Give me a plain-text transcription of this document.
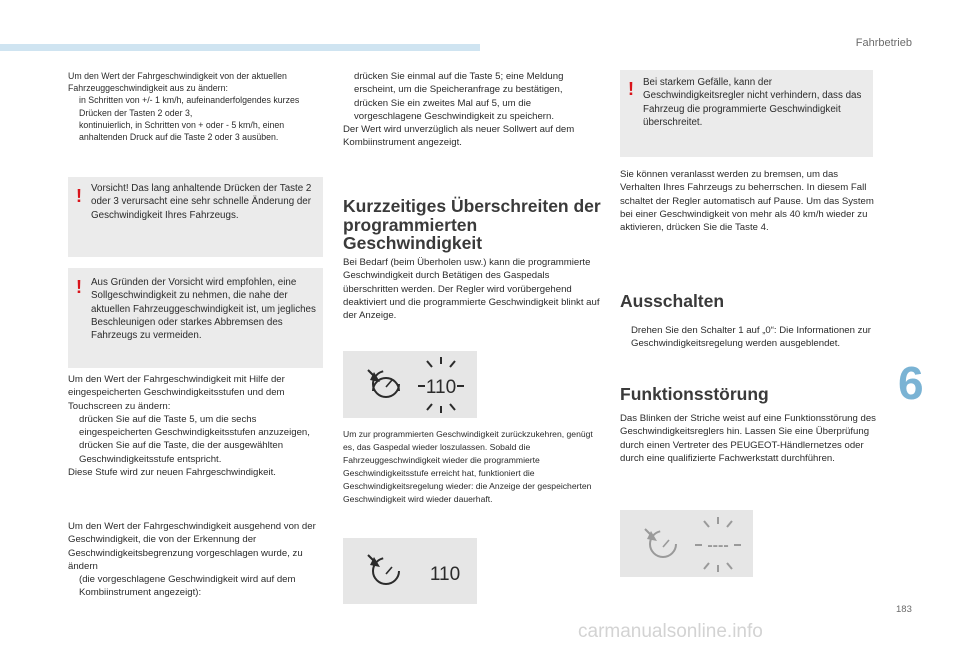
Fahrbetrieb
6
183
carmanualsonline.info

Um den Wert der Fahrgeschwindigkeit von der aktuellen Fahrzeuggeschwindigkeit aus zu ändern:

in Schritten von +/- 1 km/h, aufeinanderfolgendes kurzes Drücken der Tasten 2 oder 3,
kontinuierlich, in Schritten von + oder - 5 km/h, einen anhaltenden Druck auf die Taste 2 oder 3 ausüben.
! Vorsicht! Das lang anhaltende Drücken der Taste 2 oder 3 verursacht eine sehr schnelle Änderung der Geschwindigkeit Ihres Fahrzeugs.
! Aus Gründen der Vorsicht wird empfohlen, eine Sollgeschwindigkeit zu nehmen, die nahe der aktuellen Fahrzeuggeschwindigkeit ist, um jegliches Beschleunigen oder starkes Abbremsen des Fahrzeugs zu vermeiden.

Um den Wert der Fahrgeschwindigkeit mit Hilfe der eingespeicherten Geschwindigkeitsstufen und dem Touchscreen zu ändern:

drücken Sie auf die Taste 5, um die sechs eingespeicherten Geschwindigkeitsstufen anzuzeigen,
drücken Sie auf die Taste, die der ausgewählten Geschwindigkeitsstufe entspricht.

Diese Stufe wird zur neuen Fahrgeschwindigkeit.

Um den Wert der Fahrgeschwindigkeit ausgehend von der Geschwindigkeit, die von der Erkennung der Geschwindigkeitsbegrenzung vorgeschlagen wurde, zu ändern

(die vorgeschlagene Geschwindigkeit wird auf dem Kombiinstrument angezeigt):
drücken Sie einmal auf die Taste 5; eine Meldung erscheint, um die Speicheranfrage zu bestätigen,
drücken Sie ein zweites Mal auf 5, um die vorgeschlagene Geschwindigkeit zu speichern.

Der Wert wird unverzüglich als neuer Sollwert auf dem Kombiinstrument angezeigt.

Kurzzeitiges Überschreiten der programmierten Geschwindigkeit
Bei Bedarf (beim Überholen usw.) kann die programmierte Geschwindigkeit durch Betätigen des Gaspedals überschritten werden. Der Regler wird vorübergehend deaktiviert und die programmierte Geschwindigkeit blinkt auf der Anzeige.
110
Um zur programmierten Geschwindigkeit zurückzukehren, genügt es, das Gaspedal wieder loszulassen. Sobald die Fahrzeuggeschwindigkeit wieder die programmierte Geschwindigkeitsstufe erreicht hat, funktioniert die Geschwindigkeitsregelung wieder: die Anzeige der gespeicherten Geschwindigkeit wird wieder dauerhaft.
110
! Bei starkem Gefälle, kann der Geschwindigkeitsregler nicht verhindern, dass das Fahrzeug die programmierte Geschwindigkeit überschreitet.
Sie können veranlasst werden zu bremsen, um das Verhalten Ihres Fahrzeugs zu beherrschen. In diesem Fall schaltet der Regler automatisch auf Pause. Um das System bei einer Geschwindigkeit von mehr als 40 km/h wieder zu aktivieren, drücken Sie die Taste 4.
Ausschalten
Drehen Sie den Schalter 1 auf „0“: Die Informationen zur Geschwindigkeitsregelung werden ausgeblendet.
Funktionsstörung
Das Blinken der Striche weist auf eine Funktionsstörung des Geschwindigkeitsreglers hin. Lassen Sie eine Überprüfung durch einen Vertreter des PEUGEOT-Händlernetzes oder durch eine qualifizierte Fachwerkstatt durchführen.
----
